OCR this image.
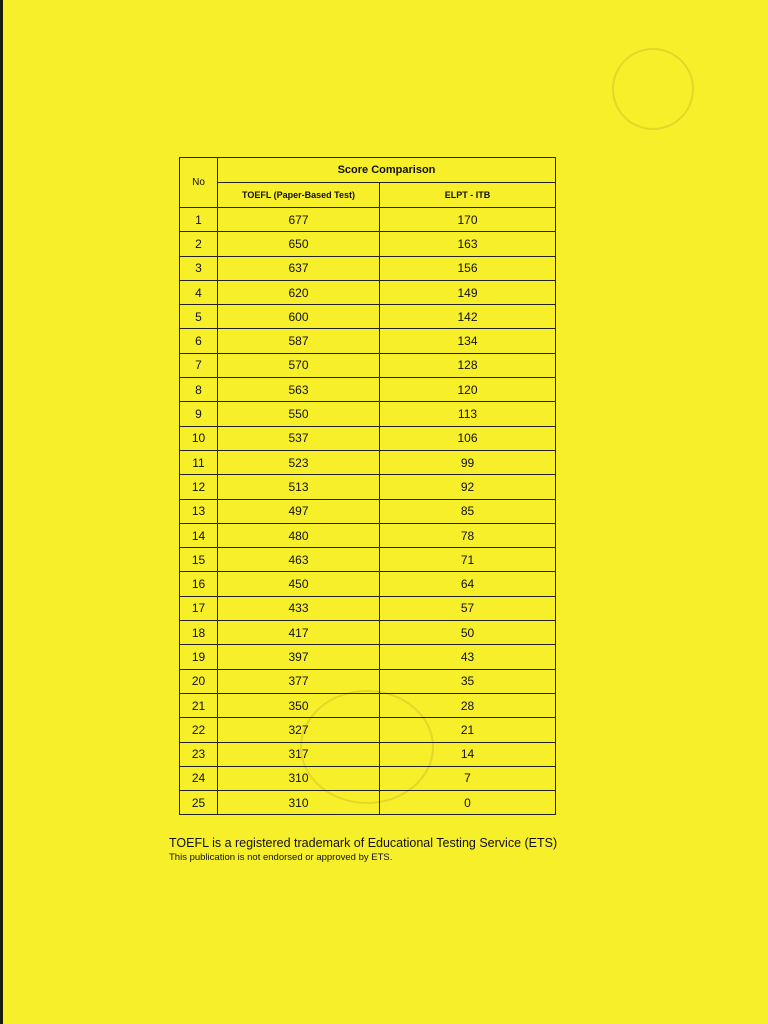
No	Score Comparison	
	TOEFL (Paper-Based Test)	ELPT - ITB
1	677	170
2	650	163
3	637	156
4	620	149
5	600	142
6	587	134
7	570	128
8	563	120
9	550	113
10	537	106
11	523	99
12	513	92
13	497	85
14	480	78
15	463	71
16	450	64
17	433	57
18	417	50
19	397	43
20	377	35
21	350	28
22	327	21
23	317	14
24	310	7
25	310	0
TOEFL is a registered trademark of Educational Testing Service (ETS)
This publication is not endorsed or approved by ETS.
